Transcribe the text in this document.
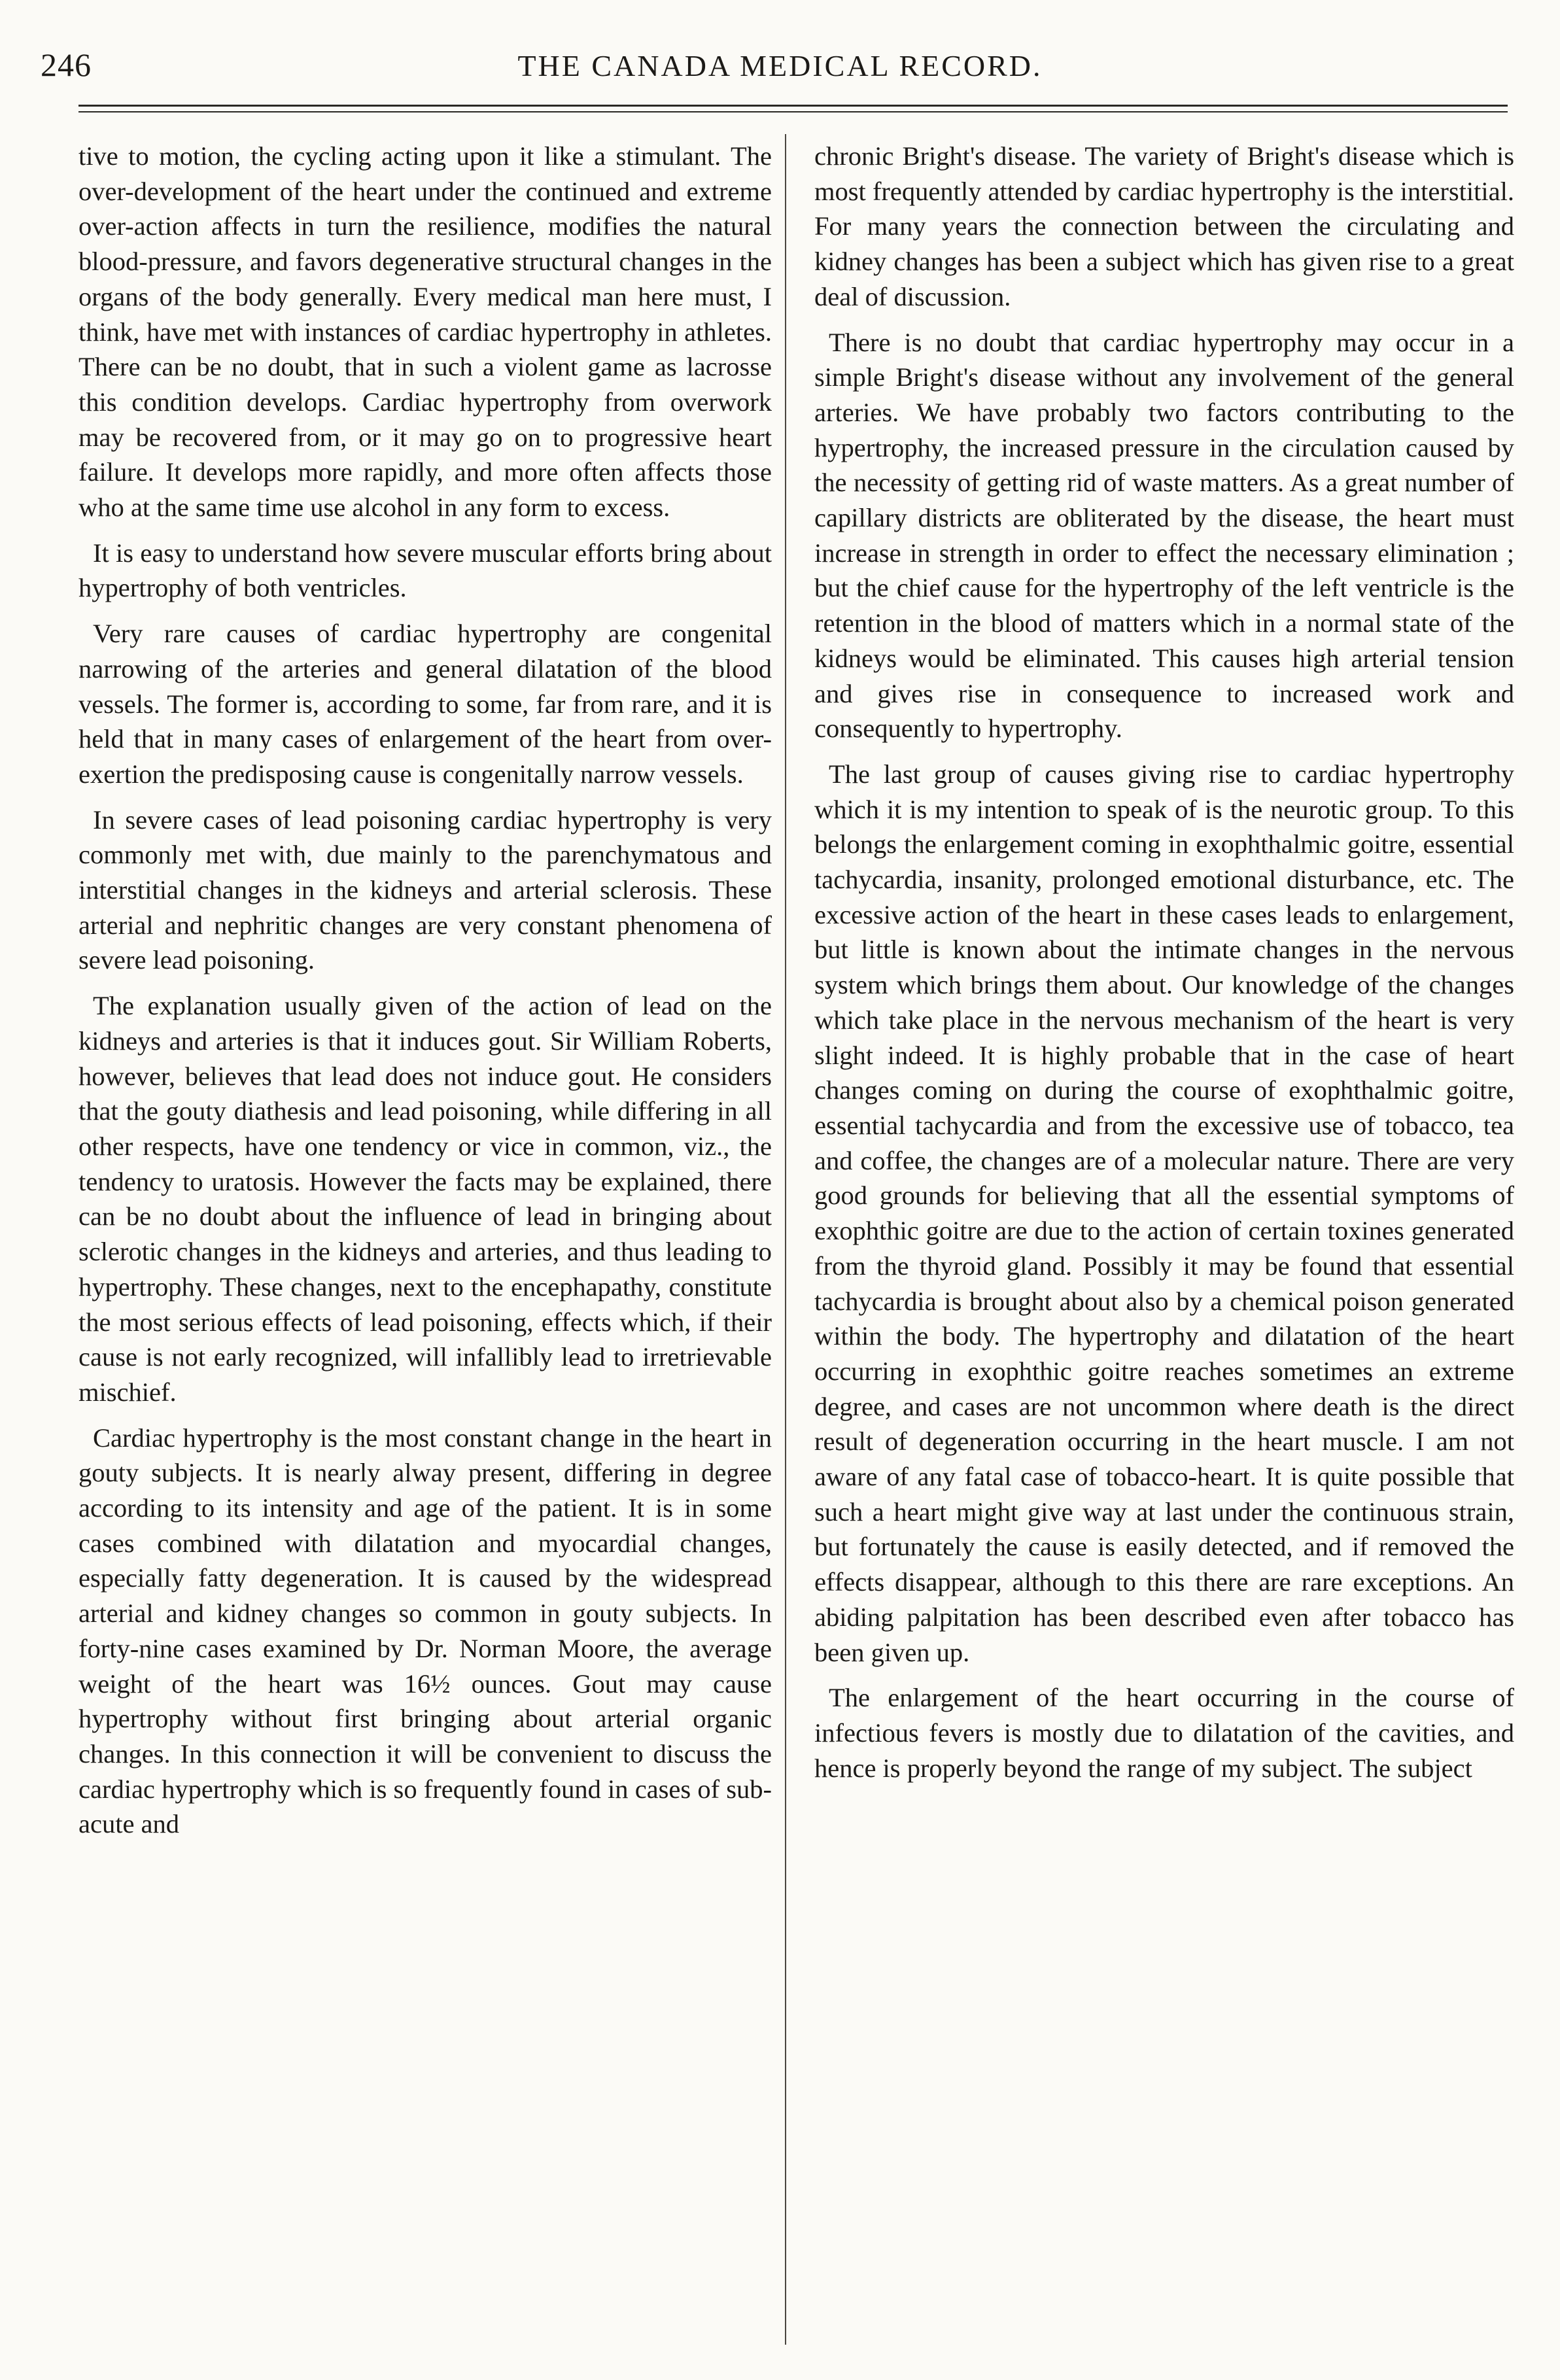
246	THE CANADA MEDICAL RECORD.

tive to motion, the cycling acting upon it like a stimulant. The over-development of the heart under the continued and extreme over-action affects in turn the resilience, modifies the natural blood-pressure, and favors degenerative structural changes in the organs of the body generally. Every medical man here must, I think, have met with instances of cardiac hypertrophy in athletes. There can be no doubt, that in such a violent game as lacrosse this condition develops. Cardiac hypertrophy from overwork may be recovered from, or it may go on to progressive heart failure. It develops more rapidly, and more often affects those who at the same time use alcohol in any form to excess.

It is easy to understand how severe muscular efforts bring about hypertrophy of both ventricles.

Very rare causes of cardiac hypertrophy are congenital narrowing of the arteries and general dilatation of the blood vessels. The former is, according to some, far from rare, and it is held that in many cases of enlargement of the heart from over-exertion the predisposing cause is congenitally narrow vessels.

In severe cases of lead poisoning cardiac hypertrophy is very commonly met with, due mainly to the parenchymatous and interstitial changes in the kidneys and arterial sclerosis. These arterial and nephritic changes are very constant phenomena of severe lead poisoning.

The explanation usually given of the action of lead on the kidneys and arteries is that it induces gout. Sir William Roberts, however, believes that lead does not induce gout. He considers that the gouty diathesis and lead poisoning, while differing in all other respects, have one tendency or vice in common, viz., the tendency to uratosis. However the facts may be explained, there can be no doubt about the influence of lead in bringing about sclerotic changes in the kidneys and arteries, and thus leading to hypertrophy. These changes, next to the encephapathy, constitute the most serious effects of lead poisoning, effects which, if their cause is not early recognized, will infallibly lead to irretrievable mischief.

Cardiac hypertrophy is the most constant change in the heart in gouty subjects. It is nearly alway present, differing in degree according to its intensity and age of the patient. It is in some cases combined with dilatation and myocardial changes, especially fatty degeneration. It is caused by the widespread arterial and kidney changes so common in gouty subjects. In forty-nine cases examined by Dr. Norman Moore, the average weight of the heart was 16½ ounces. Gout may cause hypertrophy without first bringing about arterial organic changes. In this connection it will be convenient to discuss the cardiac hypertrophy which is so frequently found in cases of sub-acute and

chronic Bright's disease. The variety of Bright's disease which is most frequently attended by cardiac hypertrophy is the interstitial. For many years the connection between the circulating and kidney changes has been a subject which has given rise to a great deal of discussion.

There is no doubt that cardiac hypertrophy may occur in a simple Bright's disease without any involvement of the general arteries. We have probably two factors contributing to the hypertrophy, the increased pressure in the circulation caused by the necessity of getting rid of waste matters. As a great number of capillary districts are obliterated by the disease, the heart must increase in strength in order to effect the necessary elimination ; but the chief cause for the hypertrophy of the left ventricle is the retention in the blood of matters which in a normal state of the kidneys would be eliminated. This causes high arterial tension and gives rise in consequence to increased work and consequently to hypertrophy.

The last group of causes giving rise to cardiac hypertrophy which it is my intention to speak of is the neurotic group. To this belongs the enlargement coming in exophthalmic goitre, essential tachycardia, insanity, prolonged emotional disturbance, etc. The excessive action of the heart in these cases leads to enlargement, but little is known about the intimate changes in the nervous system which brings them about. Our knowledge of the changes which take place in the nervous mechanism of the heart is very slight indeed. It is highly probable that in the case of heart changes coming on during the course of exophthalmic goitre, essential tachycardia and from the excessive use of tobacco, tea and coffee, the changes are of a molecular nature. There are very good grounds for believing that all the essential symptoms of exophthic goitre are due to the action of certain toxines generated from the thyroid gland. Possibly it may be found that essential tachycardia is brought about also by a chemical poison generated within the body. The hypertrophy and dilatation of the heart occurring in exophthic goitre reaches sometimes an extreme degree, and cases are not uncommon where death is the direct result of degeneration occurring in the heart muscle. I am not aware of any fatal case of tobacco-heart. It is quite possible that such a heart might give way at last under the continuous strain, but fortunately the cause is easily detected, and if removed the effects disappear, although to this there are rare exceptions. An abiding palpitation has been described even after tobacco has been given up.

The enlargement of the heart occurring in the course of infectious fevers is mostly due to dilatation of the cavities, and hence is properly beyond the range of my subject. The subject
